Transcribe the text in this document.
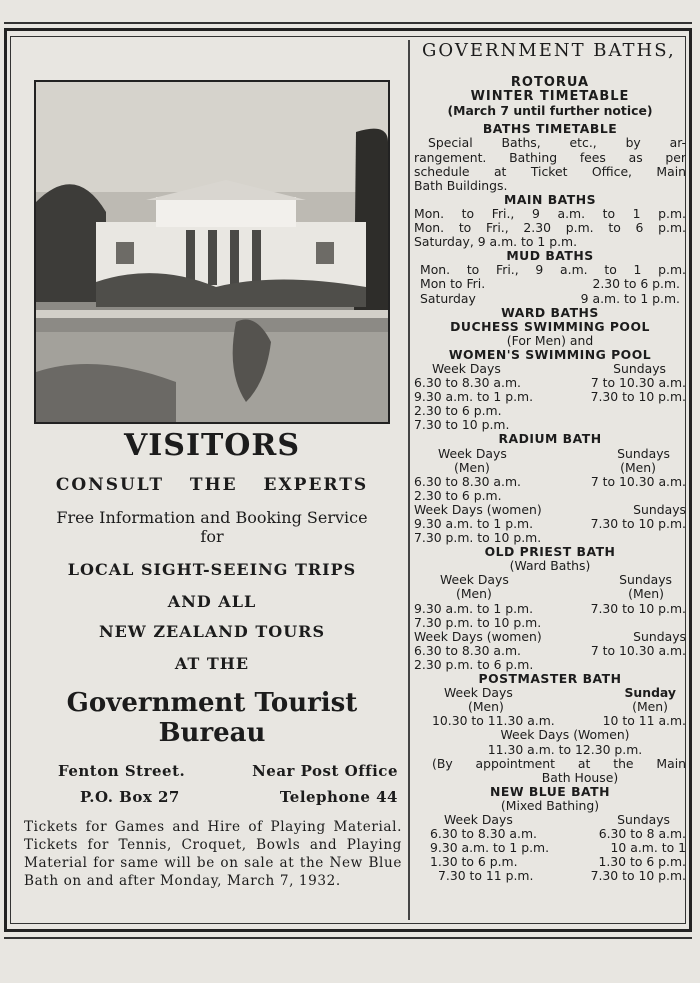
VISITORS
CONSULT THE EXPERTS
Free Information and Booking Service
for
LOCAL SIGHT-SEEING TRIPS
AND ALL
NEW ZEALAND TOURS
AT THE
Government Tourist
Bureau
Fenton Street.	Near Post Office
P.O. Box 27	Telephone 44
Tickets for Games and Hire of Playing Material. Tickets for Tennis, Croquet, Bowls and Playing Material for same will be on sale at the New Blue Bath on and after Monday, March 7, 1932.
GOVERNMENT BATHS,
ROTORUA
WINTER TIMETABLE
(March 7 until further notice)
BATHS TIMETABLE
Special Baths, etc., by ar-
rangement. Bathing fees as per
schedule at Ticket Office, Main
Bath Buildings.
MAIN BATHS
Mon. to Fri., 9 a.m. to 1 p.m.
Mon. to Fri., 2.30 p.m. to 6 p.m.
Saturday, 9 a.m. to 1 p.m.
MUD BATHS
Mon. to Fri., 9 a.m. to 1 p.m.
Mon to Fri.	2.30 to 6 p.m.
Saturday	9 a.m. to 1 p.m.
WARD BATHS
DUCHESS SWIMMING POOL
(For Men) and
WOMEN'S SWIMMING POOL
Week Days	Sundays
6.30 to 8.30 a.m.	7 to 10.30 a.m.
9.30 a.m. to 1 p.m.	7.30 to 10 p.m.
2.30 to 6 p.m.
7.30 to 10 p.m.
RADIUM BATH
Week Days	Sundays
(Men)	(Men)
6.30 to 8.30 a.m.	7 to 10.30 a.m.
2.30 to 6 p.m.
Week Days (women)	Sundays
9.30 a.m. to 1 p.m.	7.30 to 10 p.m.
7.30 p.m. to 10 p.m.
OLD PRIEST BATH
(Ward Baths)
Week Days	Sundays
(Men)	(Men)
9.30 a.m. to 1 p.m.	7.30 to 10 p.m.
7.30 p.m. to 10 p.m.
Week Days (women)	Sundays
6.30 to 8.30 a.m.	7 to 10.30 a.m.
2.30 p.m. to 6 p.m.
POSTMASTER BATH
Week Days	Sunday
(Men)	(Men)
10.30 to 11.30 a.m.	10 to 11 a.m.
Week Days (Women)
11.30 a.m. to 12.30 p.m.
(By appointment at the Main
Bath House)
NEW BLUE BATH
(Mixed Bathing)
Week Days	Sundays
6.30 to 8.30 a.m.	6.30 to 8 a.m.
9.30 a.m. to 1 p.m.	10 a.m. to 1
1.30 to 6 p.m.	1.30 to 6 p.m.
7.30 to 11 p.m.	7.30 to 10 p.m.
